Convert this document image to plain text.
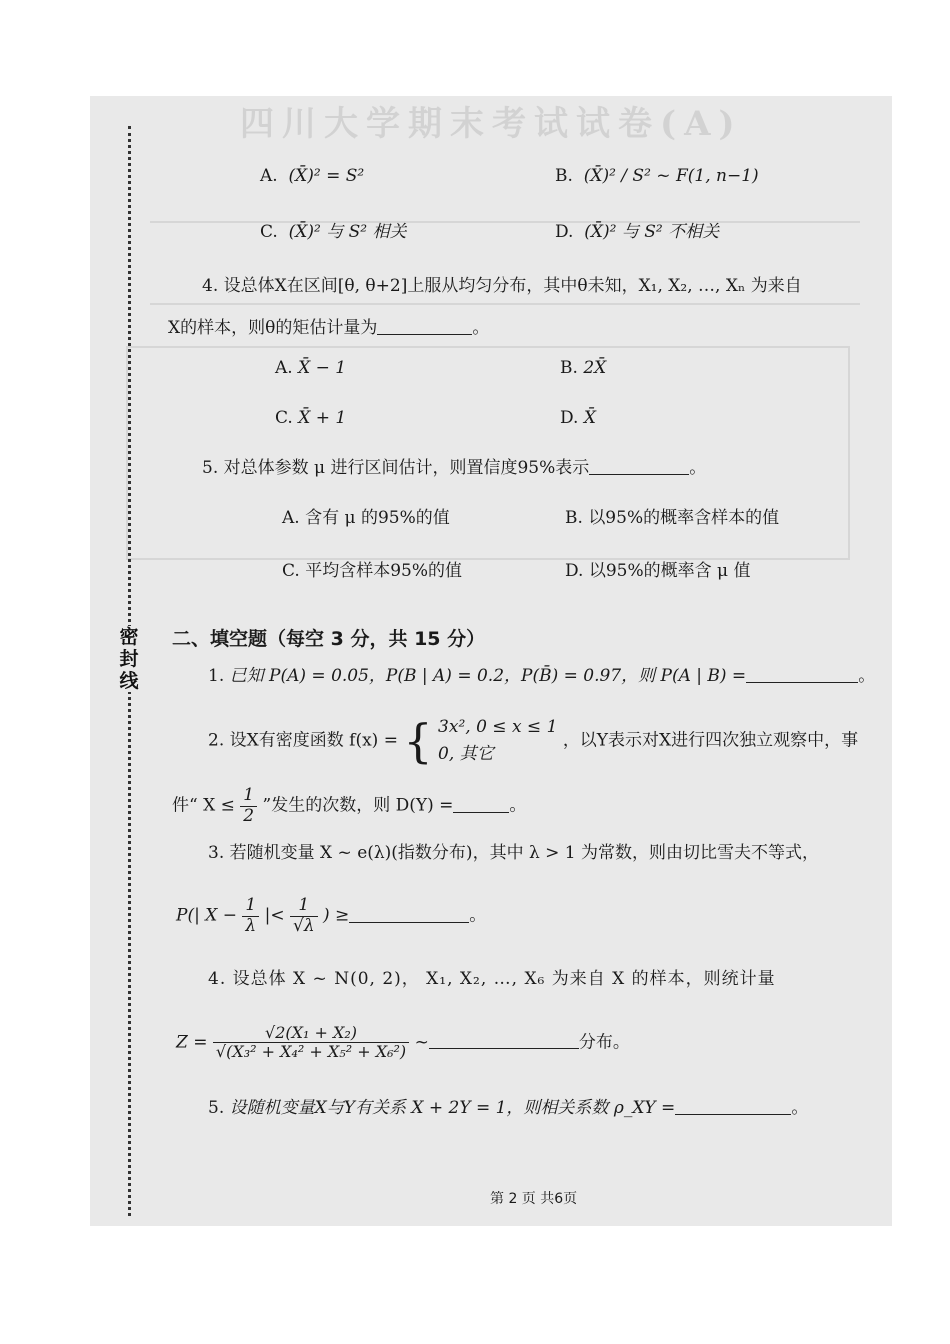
四川大学期末考试试卷(A)
密封线
A. (X̄)² = S²	B. (X̄)² / S² ~ F(1, n−1)
C. (X̄)² 与 S² 相关	D. (X̄)² 与 S² 不相关
4. 设总体X在区间[θ, θ+2]上服从均匀分布，其中θ未知，X₁, X₂, …, Xₙ 为来自
X的样本，则θ的矩估计量为	。
A. X̄ − 1	B. 2X̄
C. X̄ + 1	D. X̄
5. 对总体参数 μ 进行区间估计，则置信度95%表示	。
A. 含有 μ 的95%的值	B. 以95%的概率含样本的值
C. 平均含样本95%的值	D. 以95%的概率含 μ 值
二、填空题（每空 3 分，共 15 分）
1. 已知 P(A) = 0.05，P(B | A) = 0.2，P(B̄) = 0.97，则 P(A | B) =	。
2. 设X有密度函数 f(x) = { 3x², 0 ≤ x ≤ 1
0, 其它
，以Y表示对X进行四次独立观察中，事
件“ $X \le \frac{1}{2}$ ”发生的次数，则 D(Y) =	。
3. 若随机变量 X ~ e(λ)(指数分布)，其中 λ > 1 为常数，则由切比雪夫不等式，
P(| $X - \frac{1}{\lambda}$ |< $\frac{1}{√\lambda}$ ) ≥	。
4. 设总体 X ~ N(0, 2)， X₁, X₂, …, X₆ 为来自 X 的样本，则统计量
$Z = \frac{\text{√2(X₁ + X₂)}}{\text{√(X₃² + X₄² + X₅² + X₆²)}}$ ~	分布。
5. 设随机变量X与Y有关系 X + 2Y = 1，则相关系数 ρ_XY =	。
第 2 页 共6页
